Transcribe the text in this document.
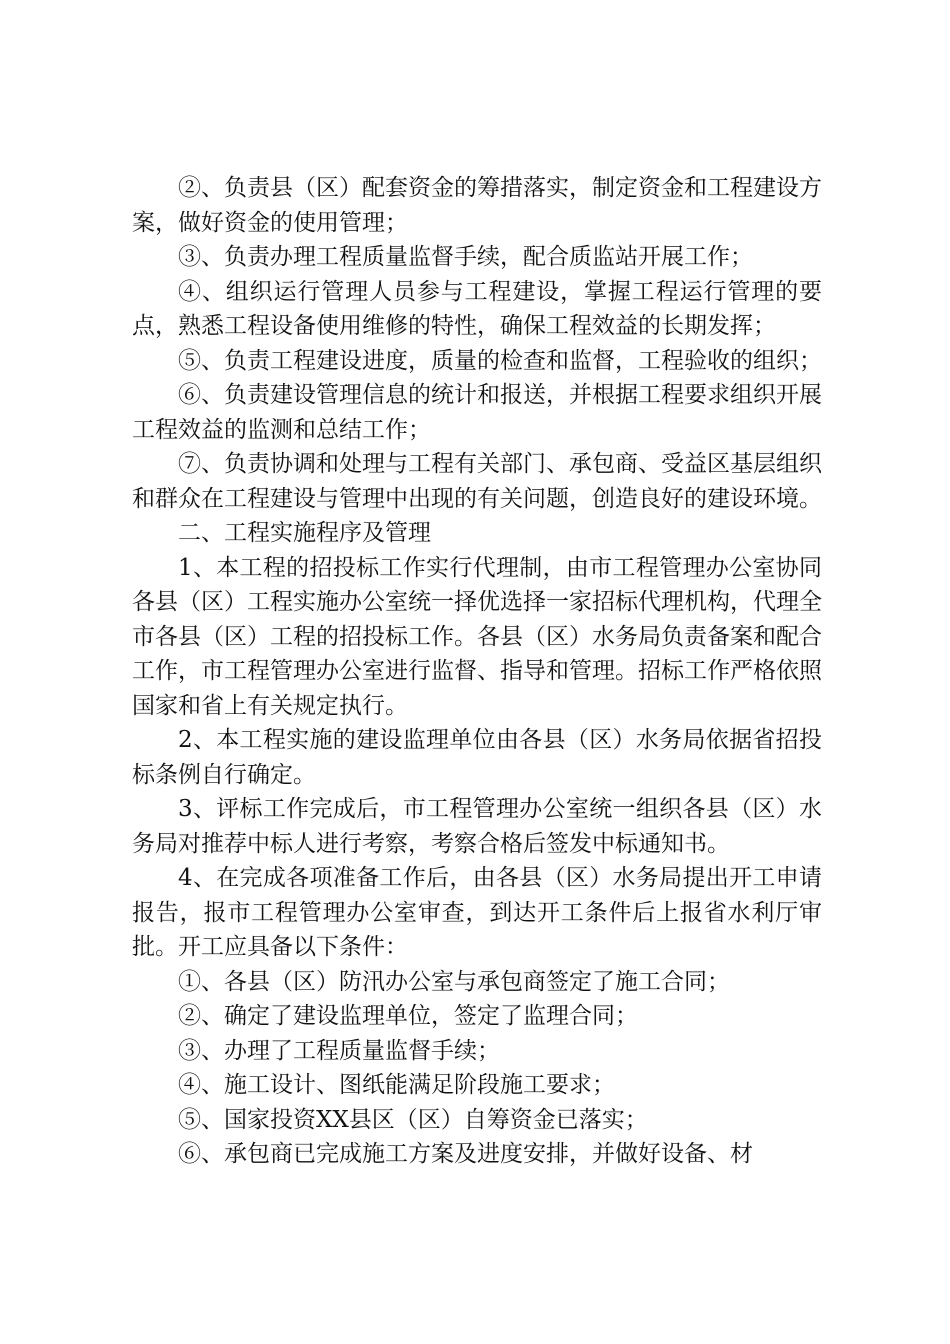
②、负责县（区）配套资金的筹措落实，制定资金和工程建设方案，做好资金的使用管理；

③、负责办理工程质量监督手续，配合质监站开展工作；

④、组织运行管理人员参与工程建设，掌握工程运行管理的要点，熟悉工程设备使用维修的特性，确保工程效益的长期发挥；

⑤、负责工程建设进度，质量的检查和监督，工程验收的组织；

⑥、负责建设管理信息的统计和报送，并根据工程要求组织开展工程效益的监测和总结工作；

⑦、负责协调和处理与工程有关部门、承包商、受益区基层组织和群众在工程建设与管理中出现的有关问题，创造良好的建设环境。

二、工程实施程序及管理

1、本工程的招投标工作实行代理制，由市工程管理办公室协同各县（区）工程实施办公室统一择优选择一家招标代理机构，代理全市各县（区）工程的招投标工作。各县（区）水务局负责备案和配合工作，市工程管理办公室进行监督、指导和管理。招标工作严格依照国家和省上有关规定执行。

2、本工程实施的建设监理单位由各县（区）水务局依据省招投标条例自行确定。

3、评标工作完成后，市工程管理办公室统一组织各县（区）水务局对推荐中标人进行考察，考察合格后签发中标通知书。

4、在完成各项准备工作后，由各县（区）水务局提出开工申请报告，报市工程管理办公室审查，到达开工条件后上报省水利厅审批。开工应具备以下条件：

①、各县（区）防汛办公室与承包商签定了施工合同；

②、确定了建设监理单位，签定了监理合同；

③、办理了工程质量监督手续；

④、施工设计、图纸能满足阶段施工要求；

⑤、国家投资XX县区（区）自筹资金已落实；

⑥、承包商已完成施工方案及进度安排，并做好设备、材
